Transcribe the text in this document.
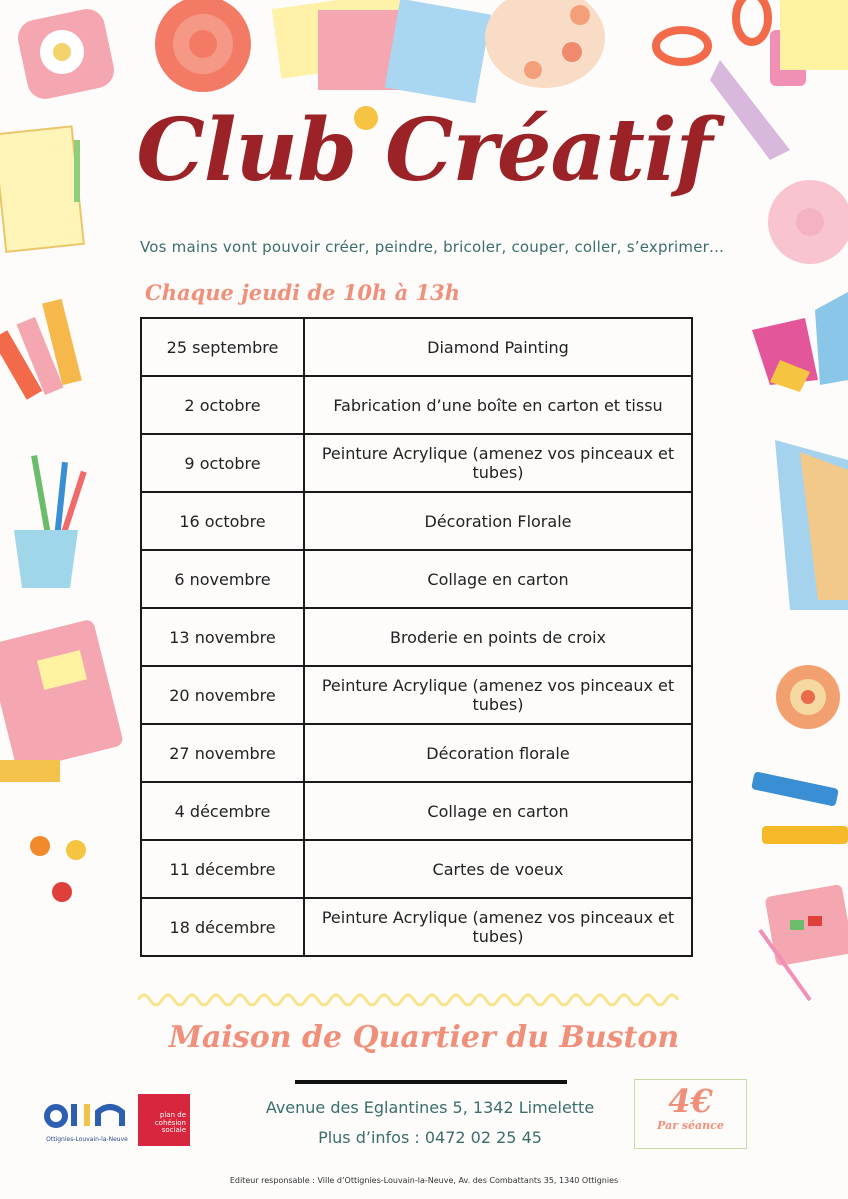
Club Créatif
Vos mains vont pouvoir créer, peindre, bricoler, couper, coller, s’exprimer…
Chaque jeudi de 10h à 13h
25 septembre	Diamond Painting
2 octobre	Fabrication d’une boîte en carton et tissu
9 octobre	Peinture Acrylique (amenez vos pinceaux et tubes)
16 octobre	Décoration Florale
6 novembre	Collage en carton
13 novembre	Broderie en points de croix
20 novembre	Peinture Acrylique (amenez vos pinceaux et tubes)
27 novembre	Décoration florale
4 décembre	Collage en carton
11 décembre	Cartes de voeux
18 décembre	Peinture Acrylique (amenez vos pinceaux et tubes)
Maison de Quartier du Buston
Avenue des Eglantines 5, 1342 Limelette
Plus d’infos : 0472 02 25 45
4€
Par séance
Ottignies-Louvain-la-Neuve
plan de cohésion sociale
Editeur responsable : Ville d’Ottignies-Louvain-la-Neuve, Av. des Combattants 35, 1340 Ottignies
